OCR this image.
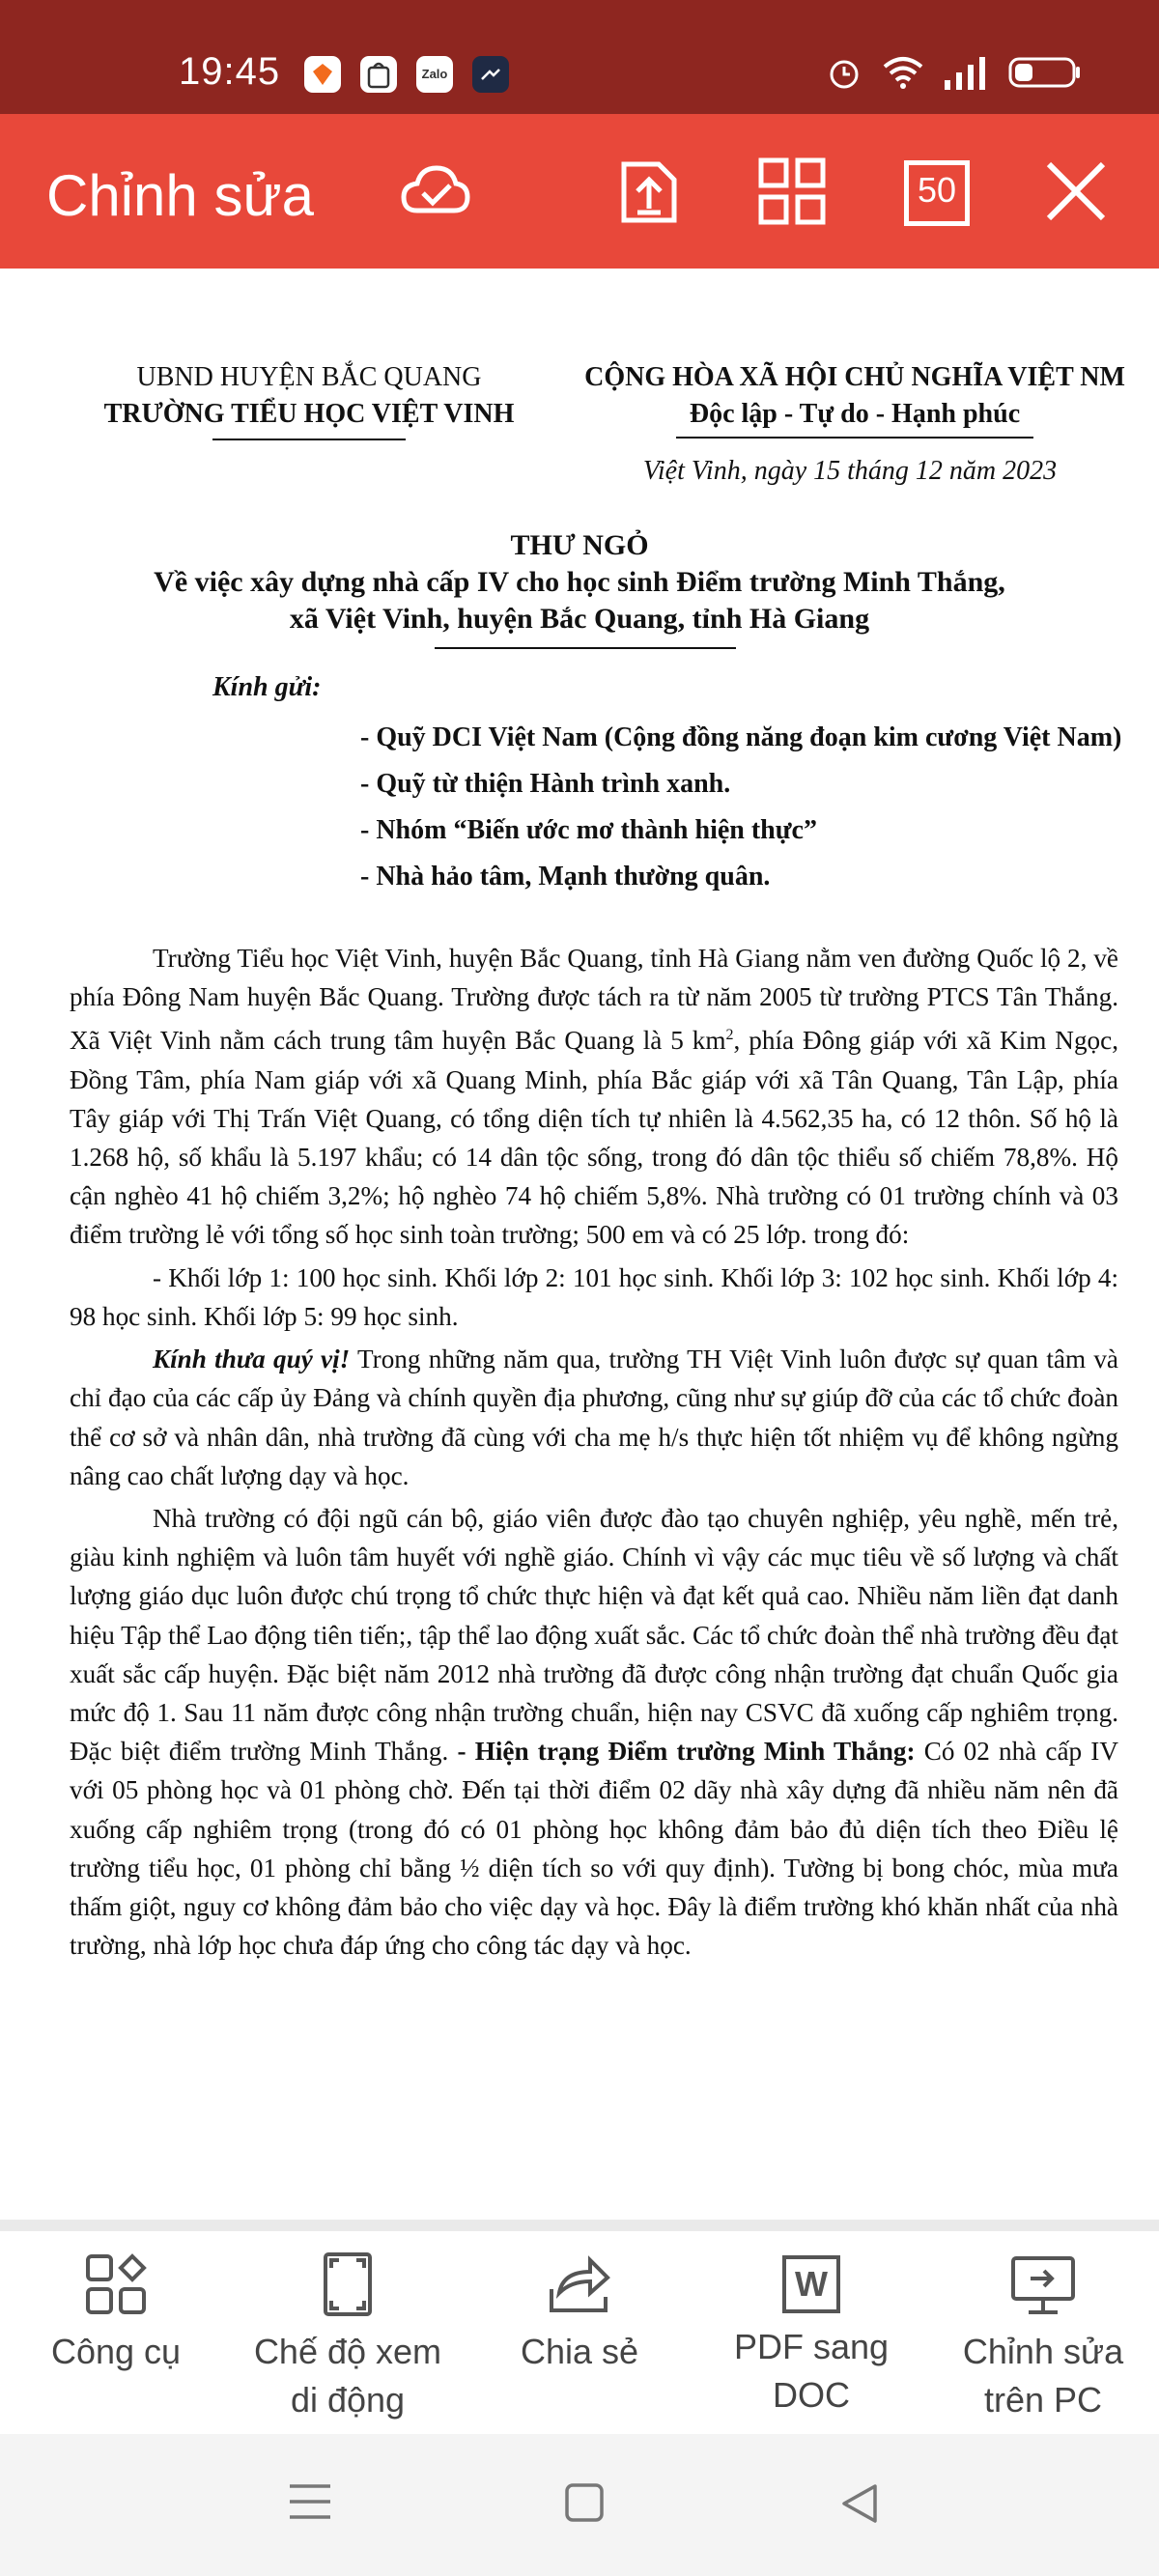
19:45	Zalo
Chỉnh sửa	50
UBND HUYỆN BẮC QUANG
TRƯỜNG TIỂU HỌC VIỆT VINH
CỘNG HÒA XÃ HỘI CHỦ NGHĨA VIỆT NM
Độc lập - Tự do - Hạnh phúc
Việt Vinh, ngày 15 tháng 12 năm 2023
THƯ NGỎ
Về việc xây dựng nhà cấp IV cho học sinh Điểm trường Minh Thắng,
xã Việt Vinh, huyện Bắc Quang, tỉnh Hà Giang
Kính gửi:
- Quỹ DCI Việt Nam (Cộng đồng năng đoạn kim cương Việt Nam)
- Quỹ từ thiện Hành trình xanh.
- Nhóm “Biến ước mơ thành hiện thực”
- Nhà hảo tâm, Mạnh thường quân.

Trường Tiểu học Việt Vinh, huyện Bắc Quang, tỉnh Hà Giang nằm ven đường Quốc lộ 2, về phía Đông Nam huyện Bắc Quang. Trường được tách ra từ năm 2005 từ trường PTCS Tân Thắng. Xã Việt Vinh nằm cách trung tâm huyện Bắc Quang là 5 $km^2$, phía Đông giáp với xã Kim Ngọc, Đồng Tâm, phía Nam giáp với xã Quang Minh, phía Bắc giáp với xã Tân Quang, Tân Lập, phía Tây giáp với Thị Trấn Việt Quang, có tổng diện tích tự nhiên là 4.562,35 ha, có 12 thôn. Số hộ là 1.268 hộ, số khẩu là 5.197 khẩu; có 14 dân tộc sống, trong đó dân tộc thiểu số chiếm 78,8%. Hộ cận nghèo 41 hộ chiếm 3,2%; hộ nghèo 74 hộ chiếm 5,8%. Nhà trường có 01 trường chính và 03 điểm trường lẻ với tổng số học sinh toàn trường; 500 em và có 25 lớp. trong đó:

- Khối lớp 1: 100 học sinh. Khối lớp 2: 101 học sinh. Khối lớp 3: 102 học sinh. Khối lớp 4: 98 học sinh. Khối lớp 5: 99 học sinh.

Kính thưa quý vị! Trong những năm qua, trường TH Việt Vinh luôn được sự quan tâm và chỉ đạo của các cấp ủy Đảng và chính quyền địa phương, cũng như sự giúp đỡ của các tổ chức đoàn thể cơ sở và nhân dân, nhà trường đã cùng với cha mẹ h/s thực hiện tốt nhiệm vụ để không ngừng nâng cao chất lượng dạy và học.

Nhà trường có đội ngũ cán bộ, giáo viên được đào tạo chuyên nghiệp, yêu nghề, mến trẻ, giàu kinh nghiệm và luôn tâm huyết với nghề giáo. Chính vì vậy các mục tiêu về số lượng và chất lượng giáo dục luôn được chú trọng tổ chức thực hiện và đạt kết quả cao. Nhiều năm liền đạt danh hiệu Tập thể Lao động tiên tiến;, tập thể lao động xuất sắc. Các tổ chức đoàn thể nhà trường đều đạt xuất sắc cấp huyện. Đặc biệt năm 2012 nhà trường đã được công nhận trường đạt chuẩn Quốc gia mức độ 1. Sau 11 năm được công nhận trường chuẩn, hiện nay CSVC đã xuống cấp nghiêm trọng. Đặc biệt điểm trường Minh Thắng. - Hiện trạng Điểm trường Minh Thắng: Có 02 nhà cấp IV với 05 phòng học và 01 phòng chờ. Đến tại thời điểm 02 dãy nhà xây dựng đã nhiều năm nên đã xuống cấp nghiêm trọng (trong đó có 01 phòng học không đảm bảo đủ diện tích theo Điều lệ trường tiểu học, 01 phòng chỉ bằng ½ diện tích so với quy định). Tường bị bong chóc, mùa mưa thấm giột, nguy cơ không đảm bảo cho việc dạy và học. Đây là điểm trường khó khăn nhất của nhà trường, nhà lớp học chưa đáp ứng cho công tác dạy và học.

Công cụ Chế độ xem
di động
Chia sẻ
W
PDF sang
DOC
Chỉnh sửa
trên PC
